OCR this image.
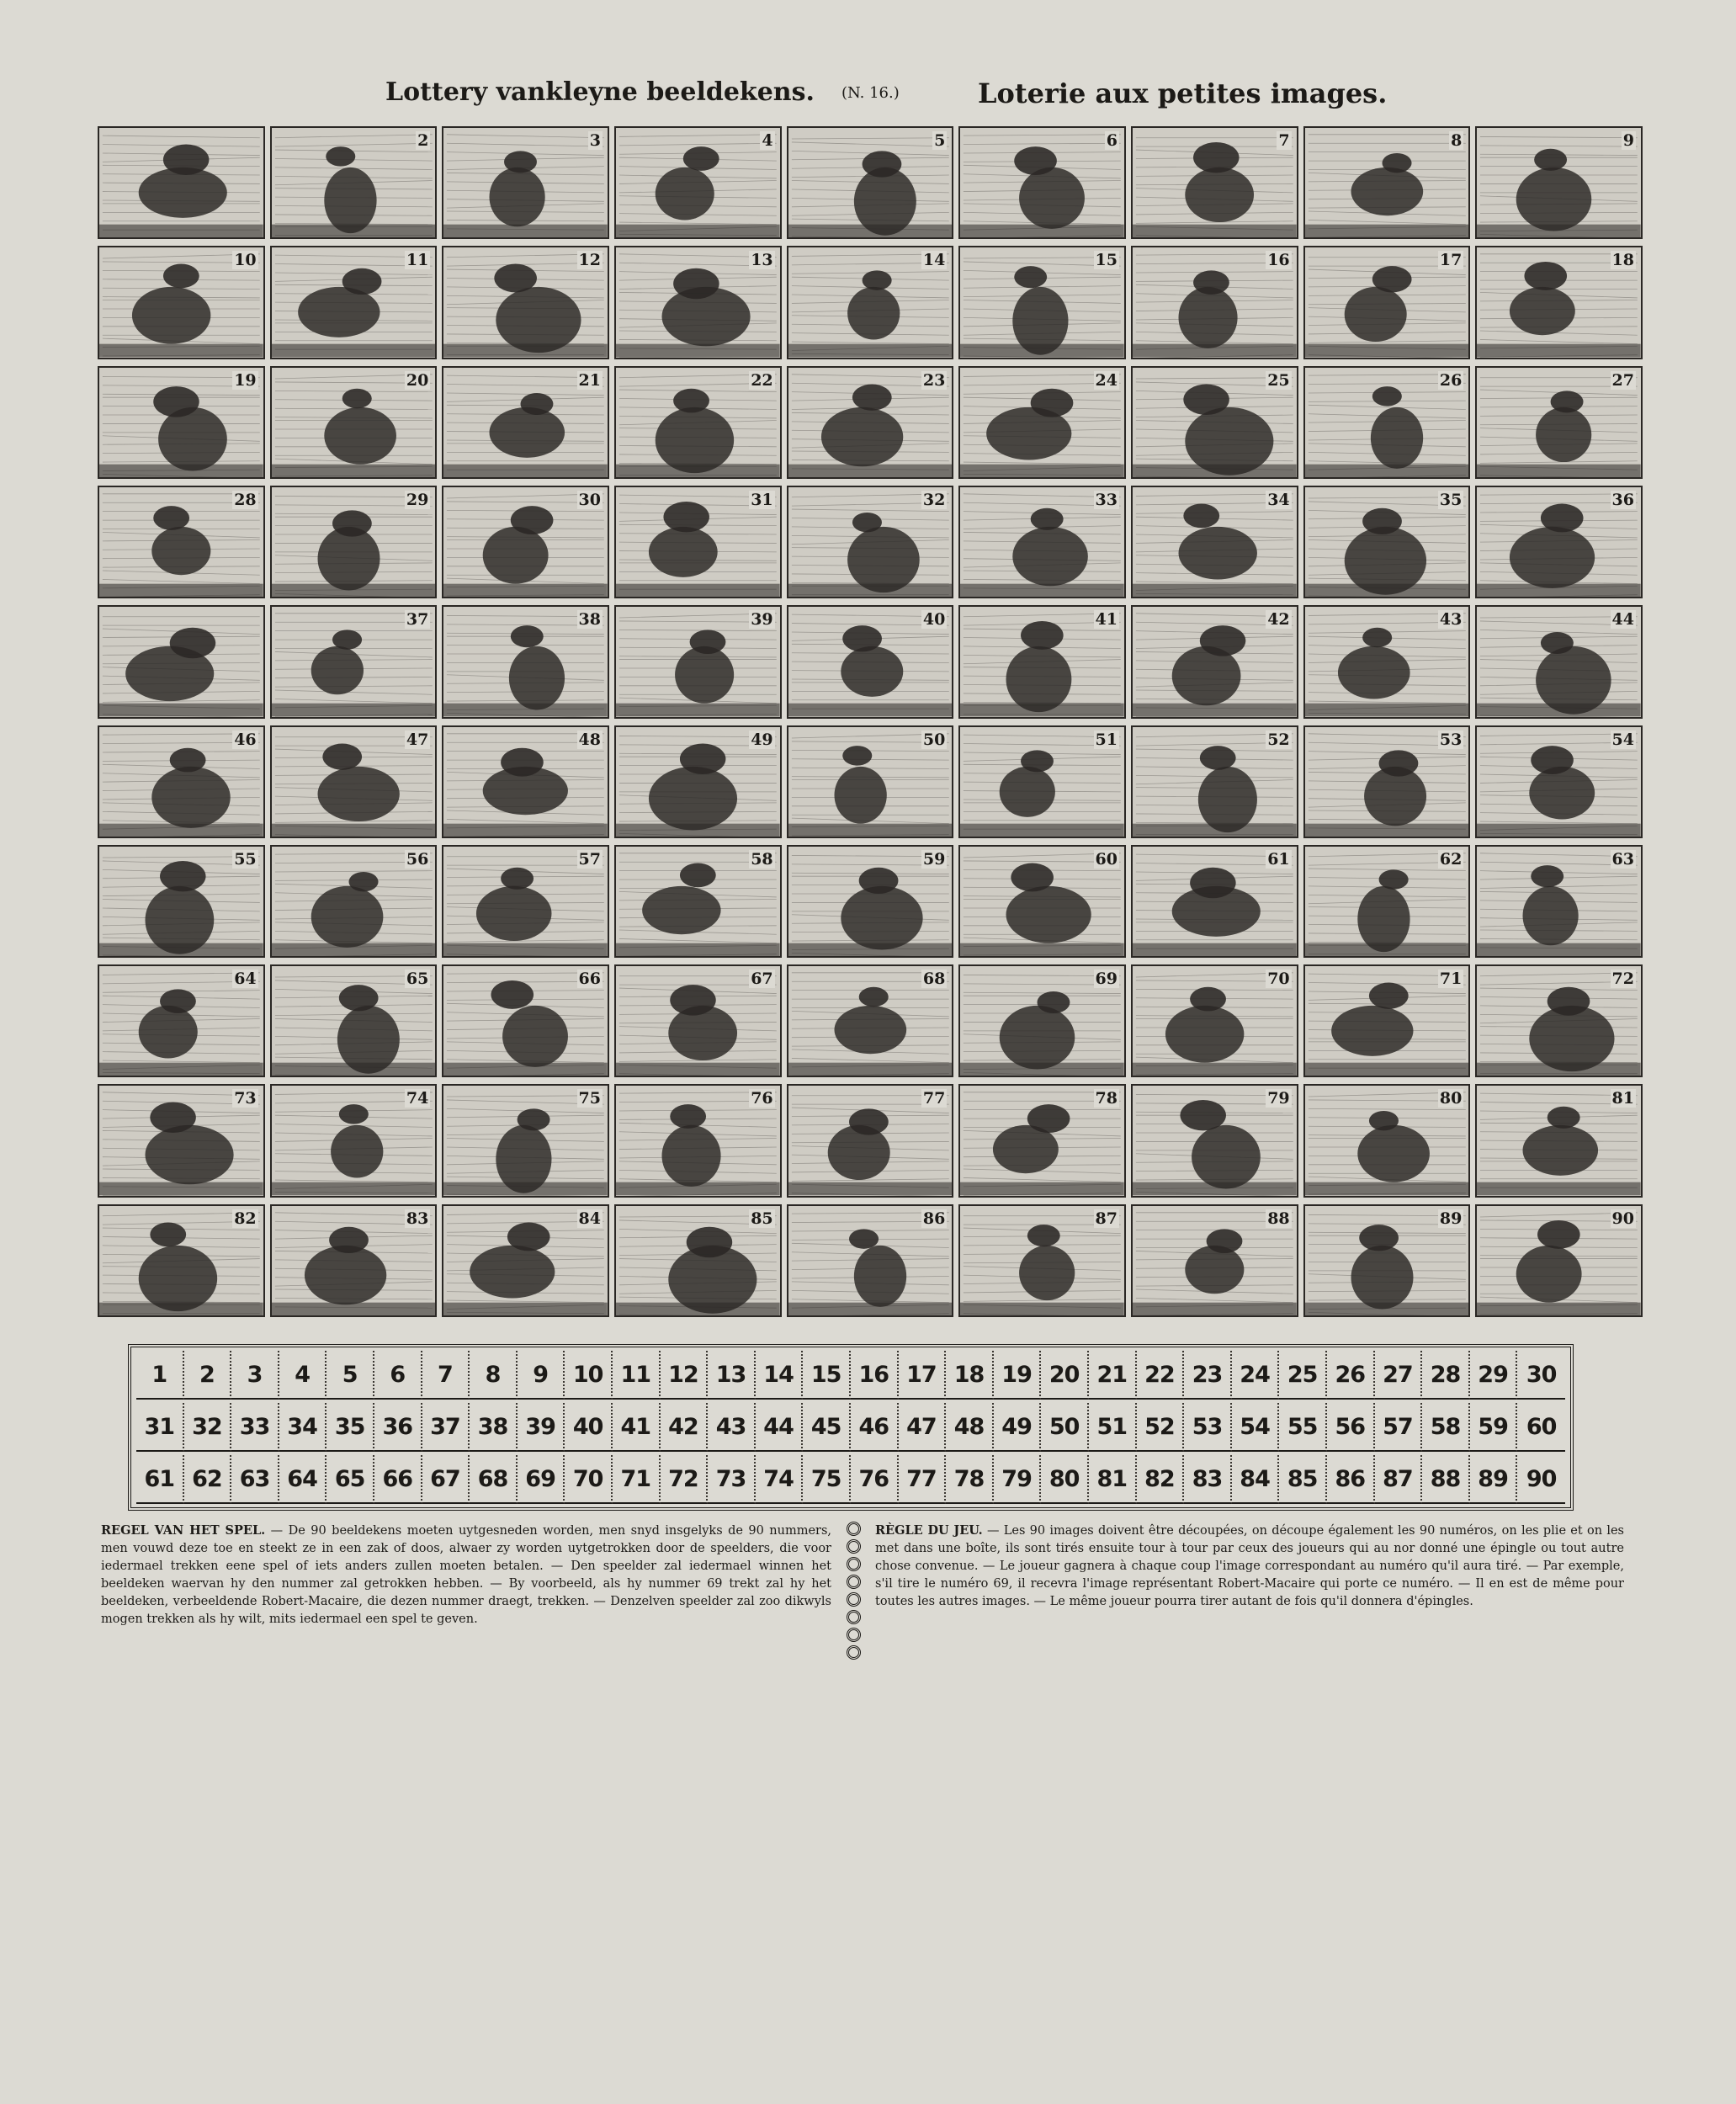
Lottery vankleyne beeldekens. (N. 16.)	Loterie aux petites images.
2	3	4	5	6	7	8	9
10	11	12	13	14	15	16	17	18
19	20	21	22	23	24	25	26	27
28	29	30	31	32	33	34	35	36
37	38	39	40	41	42	43	44
46	47	48	49	50	51	52	53	54
55	56	57	58	59	60	61	62	63
64	65	66	67	68	69	70	71	72
73	74	75	76	77	78	79	80	81
82	83	84	85	86	87	88	89	90
1	2	3	4	5	6	7	8	9	10 11 12 13 14 15 16 17 18 19 20 21 22 23 24 25 26 27 28 29 30
31 32 33 34 35 36 37 38 39 40 41 42 43 44 45 46 47 48 49 50 51 52 53 54 55 56 57 58 59 60
61 62 63 64 65 66 67 68 69 70 71 72 73 74 75 76 77 78 79 80 81 82 83 84 85 86 87 88 89 90
REGEL VAN HET SPEL. — De 90 beeldekens moeten uytgesneden worden, men snyd insgelyks de 90 nummers, men vouwd deze toe en steekt ze in een zak of doos, alwaer zy worden uytgetrokken door de speelders, die voor iedermael trekken eene spel of iets anders zullen moeten betalen. — Den speelder zal iedermael winnen het beeldeken waervan hy den nummer zal getrokken hebben. — By voorbeeld, als hy nummer 69 trekt zal hy het beeldeken, verbeeldende Robert-Macaire, die dezen nummer draegt, trekken. — Denzelven speelder zal zoo dikwyls mogen trekken als hy wilt, mits iedermael een spel te geven.
RÈGLE DU JEU. — Les 90 images doivent être découpées, on découpe également les 90 numéros, on les plie et on les met dans une boîte, ils sont tirés ensuite tour à tour par ceux des joueurs qui au nor donné une épingle ou tout autre chose convenue. — Le joueur gagnera à chaque coup l'image correspondant au numéro qu'il aura tiré. — Par exemple, s'il tire le numéro 69, il recevra l'image représentant Robert-Macaire qui porte ce numéro. — Il en est de même pour toutes les autres images. — Le même joueur pourra tirer autant de fois qu'il donnera d'épingles.
